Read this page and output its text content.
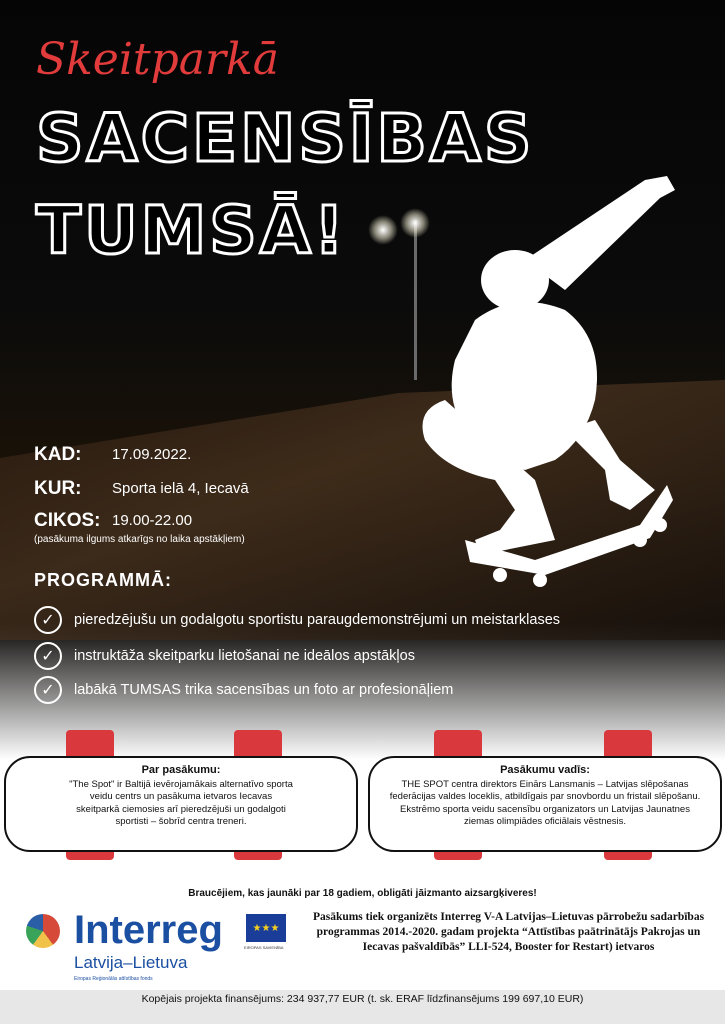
Skeitparkā
SACENSĪBAS
TUMSĀ!
KAD: 17.09.2022.
KUR: Sporta ielā 4, Iecavā
CIKOS: 19.00-22.00
(pasākuma ilgums atkarīgs no laika apstākļiem)
PROGRAMMĀ:
✓	pieredzējušu un godalgotu sportistu paraugdemonstrējumi un meistarklases
✓	instruktāža skeitparku lietošanai ne ideālos apstākļos
✓	labākā TUMSAS trika sacensības un foto ar profesionāļiem
Par pasākumu:
"The Spot" ir Baltijā ievērojamākais alternatīvo sporta veidu centrs un pasākuma ietvaros Iecavas skeitparkā ciemosies arī pieredzējuši un godalgoti sportisti – šobrīd centra treneri.
Pasākumu vadīs:
THE SPOT centra direktors Einārs Lansmanis – Latvijas slēpošanas federācijas valdes loceklis, atbildīgais par snovbordu un fristail slēpošanu. Ekstrēmo sporta veidu sacensību organizators un Latvijas Jaunatnes ziemas olimpiādes oficiālais vēstnesis.
Braucējiem, kas jaunāki par 18 gadiem, obligāti jāizmanto aizsargķiveres!
Interreg
Latvija–Lietuva
Eiropas Reģionālās attīstības fonds
★★★
EIROPAS SAVIENĪBA
Pasākums tiek organizēts Interreg V-A Latvijas–Lietuvas pārrobežu sadarbības programmas 2014.-2020. gadam projekta “Attīstības paātrinātājs Pakrojas un Iecavas pašvaldībās” LLI-524, Booster for Restart) ietvaros
Kopējais projekta finansējums: 234 937,77 EUR (t. sk. ERAF līdzfinansējums 199 697,10 EUR)
